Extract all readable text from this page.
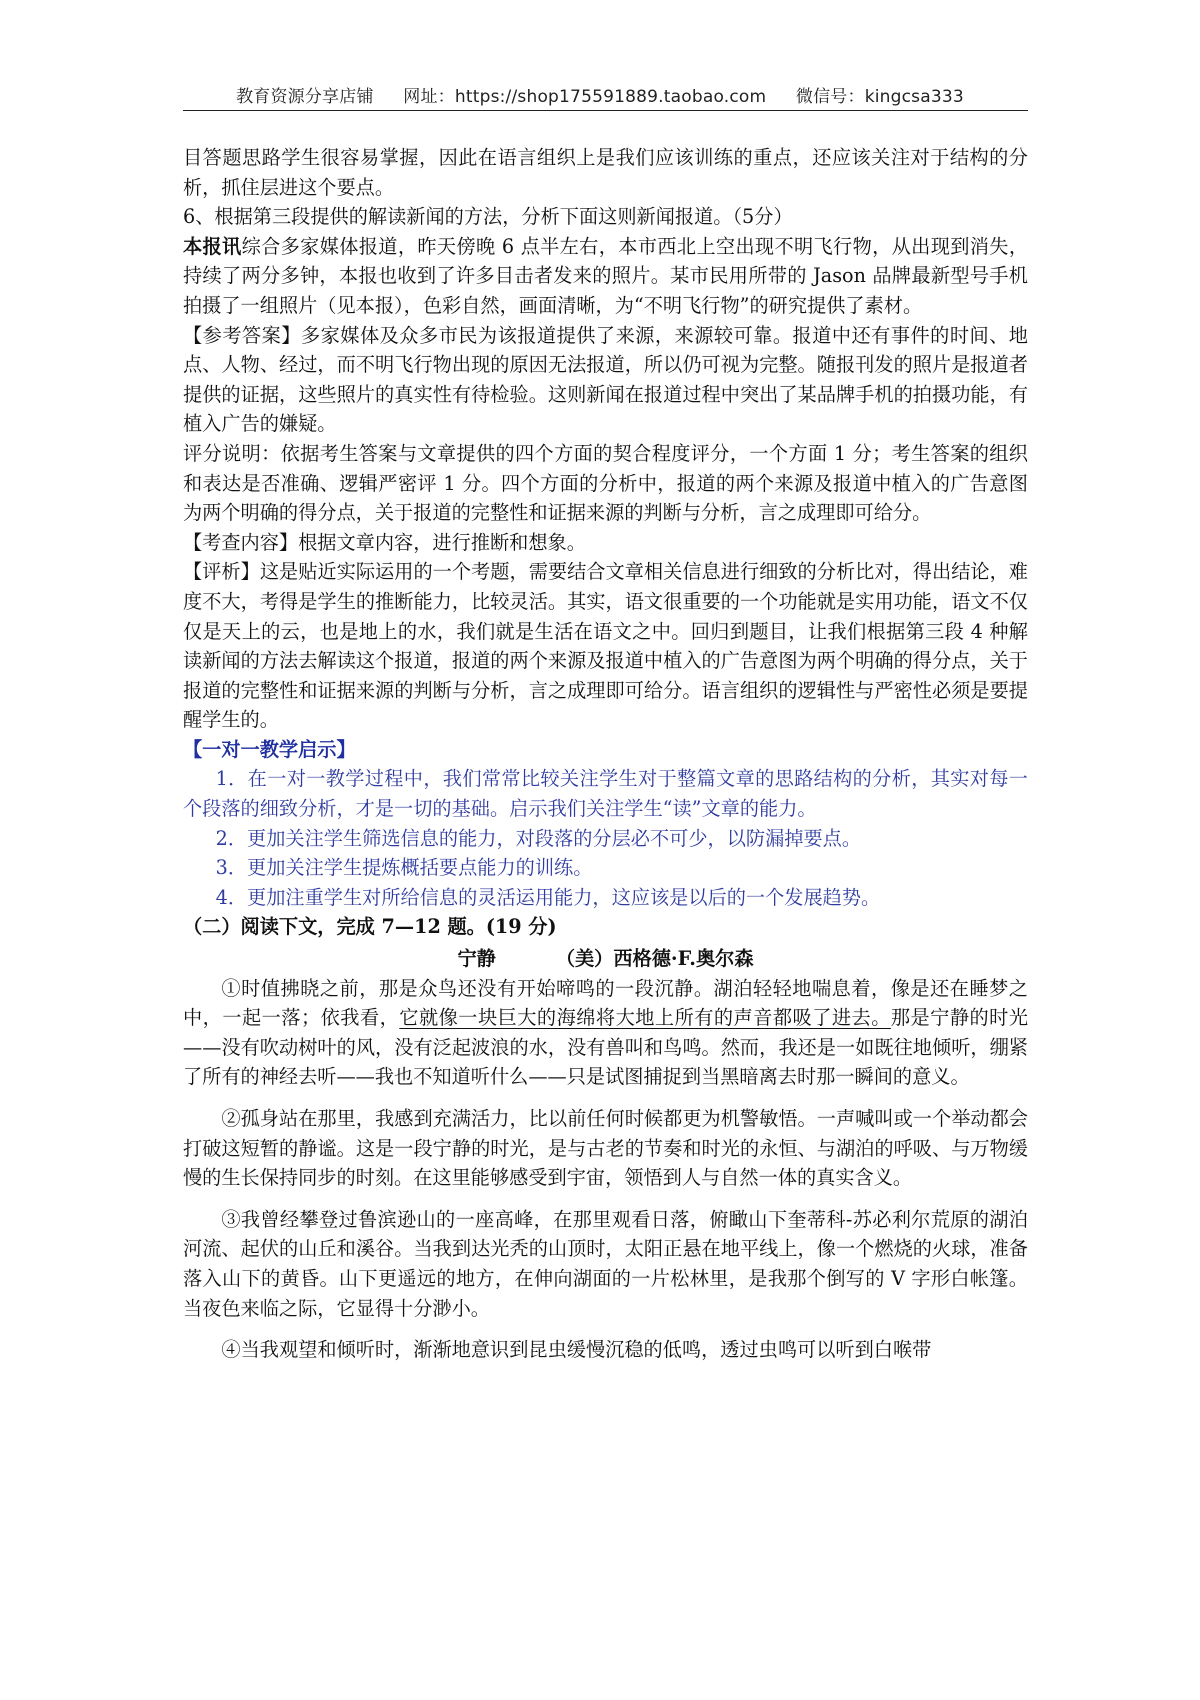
教育资源分享店铺 网址：https://shop175591889.taobao.com 微信号：kingcsa333

目答题思路学生很容易掌握，因此在语言组织上是我们应该训练的重点，还应该关注对于结构的分析，抓住层进这个要点。

6、根据第三段提供的解读新闻的方法，分析下面这则新闻报道。（5分）

本报讯综合多家媒体报道，昨天傍晚 6 点半左右，本市西北上空出现不明飞行物，从出现到消失，持续了两分多钟，本报也收到了许多目击者发来的照片。某市民用所带的 Jason 品牌最新型号手机拍摄了一组照片（见本报），色彩自然，画面清晰，为“不明飞行物”的研究提供了素材。

【参考答案】多家媒体及众多市民为该报道提供了来源，来源较可靠。报道中还有事件的时间、地点、人物、经过，而不明飞行物出现的原因无法报道，所以仍可视为完整。随报刊发的照片是报道者提供的证据，这些照片的真实性有待检验。这则新闻在报道过程中突出了某品牌手机的拍摄功能，有植入广告的嫌疑。

评分说明：依据考生答案与文章提供的四个方面的契合程度评分，一个方面 1 分；考生答案的组织和表达是否准确、逻辑严密评 1 分。四个方面的分析中，报道的两个来源及报道中植入的广告意图为两个明确的得分点，关于报道的完整性和证据来源的判断与分析，言之成理即可给分。

【考查内容】根据文章内容，进行推断和想象。

【评析】这是贴近实际运用的一个考题，需要结合文章相关信息进行细致的分析比对，得出结论，难度不大，考得是学生的推断能力，比较灵活。其实，语文很重要的一个功能就是实用功能，语文不仅仅是天上的云，也是地上的水，我们就是生活在语文之中。回归到题目，让我们根据第三段 4 种解读新闻的方法去解读这个报道，报道的两个来源及报道中植入的广告意图为两个明确的得分点，关于报道的完整性和证据来源的判断与分析，言之成理即可给分。语言组织的逻辑性与严密性必须是要提醒学生的。

【一对一教学启示】

1．在一对一教学过程中，我们常常比较关注学生对于整篇文章的思路结构的分析，其实对每一个段落的细致分析，才是一切的基础。启示我们关注学生“读”文章的能力。

2．更加关注学生筛选信息的能力，对段落的分层必不可少，以防漏掉要点。

3．更加关注学生提炼概括要点能力的训练。

4．更加注重学生对所给信息的灵活运用能力，这应该是以后的一个发展趋势。

（二）阅读下文，完成 7—12 题。(19 分)

宁静	（美）西格德·F.奥尔森

①时值拂晓之前，那是众鸟还没有开始啼鸣的一段沉静。湖泊轻轻地喘息着，像是还在睡梦之中，一起一落；依我看，它就像一块巨大的海绵将大地上所有的声音都吸了进去。那是宁静的时光——没有吹动树叶的风，没有泛起波浪的水，没有兽叫和鸟鸣。然而，我还是一如既往地倾听，绷紧了所有的神经去听——我也不知道听什么——只是试图捕捉到当黑暗离去时那一瞬间的意义。

②孤身站在那里，我感到充满活力，比以前任何时候都更为机警敏悟。一声喊叫或一个举动都会打破这短暂的静谧。这是一段宁静的时光，是与古老的节奏和时光的永恒、与湖泊的呼吸、与万物缓慢的生长保持同步的时刻。在这里能够感受到宇宙，领悟到人与自然一体的真实含义。

③我曾经攀登过鲁滨逊山的一座高峰，在那里观看日落，俯瞰山下奎蒂科-苏必利尔荒原的湖泊河流、起伏的山丘和溪谷。当我到达光秃的山顶时，太阳正悬在地平线上，像一个燃烧的火球，准备落入山下的黄昏。山下更遥远的地方，在伸向湖面的一片松林里，是我那个倒写的 V 字形白帐篷。当夜色来临之际，它显得十分渺小。

④当我观望和倾听时，渐渐地意识到昆虫缓慢沉稳的低鸣，透过虫鸣可以听到白喉带
